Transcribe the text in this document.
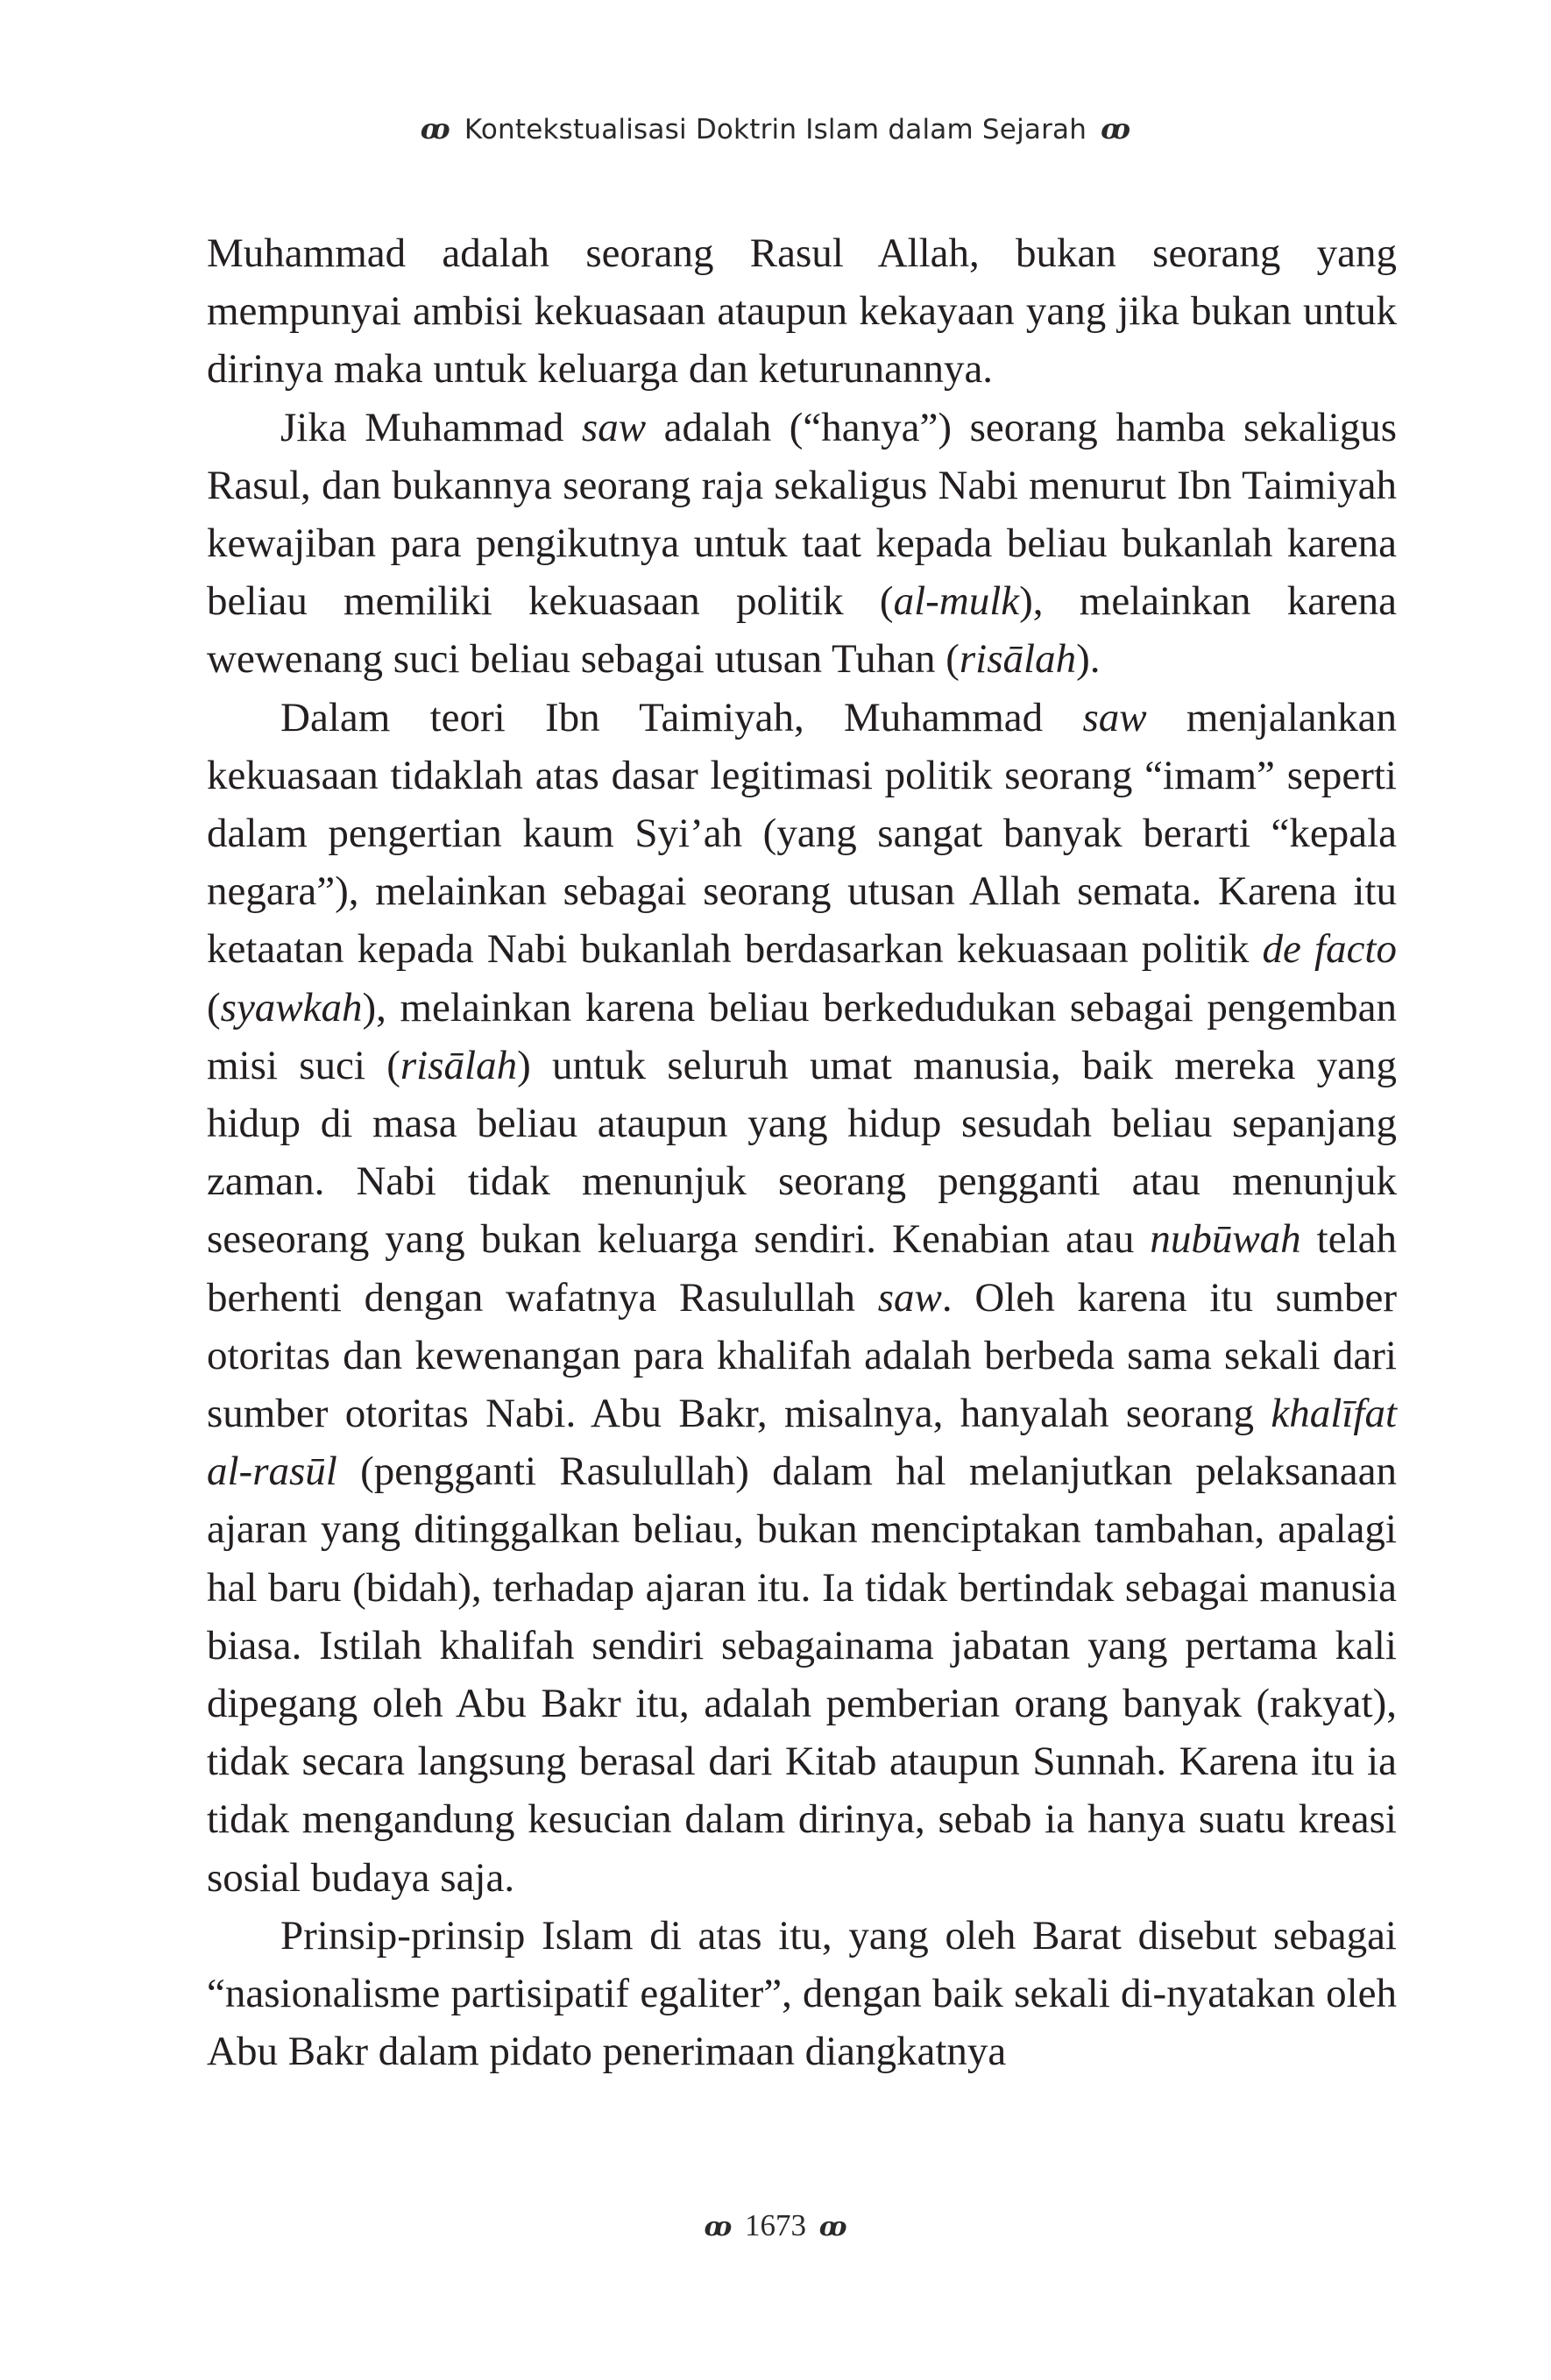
ꝏ Kontekstualisasi Doktrin Islam dalam Sejarah ꝏ

Muhammad adalah seorang Rasul Allah, bukan seorang yang mempunyai ambisi kekuasaan ataupun kekayaan yang jika bukan untuk dirinya maka untuk keluarga dan keturunannya.

Jika Muhammad saw adalah (“hanya”) seorang hamba sekaligus Rasul, dan bukannya seorang raja sekaligus Nabi menurut Ibn Taimiyah kewajiban para pengikutnya untuk taat kepada beliau bukanlah karena beliau memiliki kekuasaan politik (al-mulk), melainkan karena wewenang suci beliau sebagai utusan Tuhan (risālah).

Dalam teori Ibn Taimiyah, Muhammad saw menjalankan kekuasaan tidaklah atas dasar legitimasi politik seorang “imam” seperti dalam pengertian kaum Syi’ah (yang sangat banyak berarti “kepala negara”), melainkan sebagai seorang utusan Allah semata. Karena itu ketaatan kepada Nabi bukanlah berdasarkan kekuasaan politik de facto (syawkah), melainkan karena beliau berkedudukan sebagai pengemban misi suci (risālah) untuk seluruh umat manusia, baik mereka yang hidup di masa beliau ataupun yang hidup sesudah beliau sepanjang zaman. Nabi tidak menunjuk seorang pengganti atau menunjuk seseorang yang bukan keluarga sendiri. Kenabian atau nubūwah telah berhenti dengan wafatnya Rasulullah saw. Oleh karena itu sumber otoritas dan kewenangan para khalifah adalah berbeda sama sekali dari sumber otoritas Nabi. Abu Bakr, misalnya, hanyalah seorang khalīfat al-rasūl (pengganti Rasulullah) dalam hal melanjutkan pelaksanaan ajaran yang ditinggalkan beliau, bukan menciptakan tambahan, apalagi hal baru (bidah), terhadap ajaran itu. Ia tidak bertindak sebagai manusia biasa. Istilah khalifah sendiri sebagainama jabatan yang pertama kali dipegang oleh Abu Bakr itu, adalah pemberian orang banyak (rakyat), tidak secara langsung berasal dari Kitab ataupun Sunnah. Karena itu ia tidak mengandung kesucian dalam dirinya, sebab ia hanya suatu kreasi sosial budaya saja.

Prinsip-prinsip Islam di atas itu, yang oleh Barat disebut sebagai “nasionalisme partisipatif egaliter”, dengan baik sekali di-nyatakan oleh Abu Bakr dalam pidato penerimaan diangkatnya

ꝏ 1673 ꝏ
